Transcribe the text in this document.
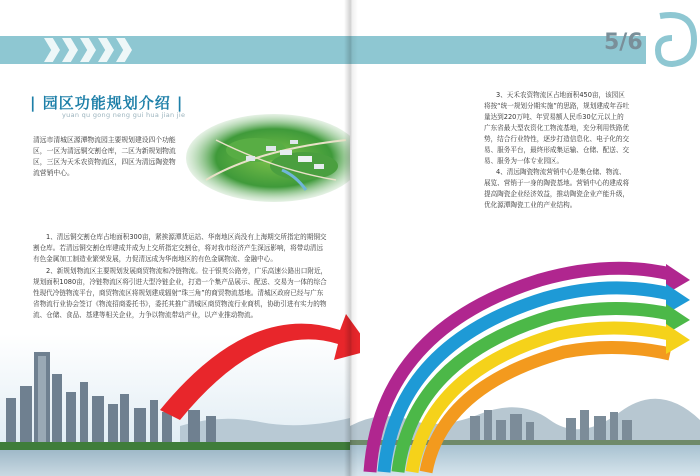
| 园区功能规划介绍 |
yuan qu gong neng gui hua jian jie
清远市清城区源潭物流园主要规划建设四个功能区，一区为清远铜交割仓库，二区为新规划物流区，三区为天禾农资物流区，四区为清远陶瓷物流营销中心。

1、清远铜交割仓库占地面积300亩，紧挨源潭货运站、华南地区尚没有上海期交所指定的期铜交割仓库。若清远铜交割仓库建成并成为上交所指定交割仓，将对我市经济产生深远影响，将带动清远有色金属加工制造业繁荣发展，力促清远成为华南地区的有色金属物流、金融中心。

2、新规划物流区主要规划发展商贸物流和冷链物流。位于银英公路旁，广乐高速公路出口附近，规划面积1080亩，冷链物流区将引进大型冷链企业，打造一个集产品展示、配送、交易为一体的综合性现代冷链物流平台，商贸物流区将规划建成辐射“珠三角”的商贸物流基地。清城区政府已经与广东省物流行业协会签订《物流招商委托书》，委托其推广清城区商贸物流行业商机，协助引进有实力的物流、仓储、食品、基建等相关企业，力争以物流带动产业，以产业推动物流。

5/6

3、天禾农资物流区占地面积450亩，该园区将按“统一规划分期实施”的思路，规划建成年吞吐量达到220万吨、年贸易额人民币30亿元以上的广东省最大型农资化工物流基地，充分利用铁路优势，结合行业特性，逐步打造信息化、电子化的交易、服务平台，最终形成集运输、仓储、配送、交易、服务为一体专业园区。

4、清远陶瓷物流营销中心是集仓储、物流、展览、营销于一身的陶瓷基地。营销中心的建成将提高陶瓷企业经济效益，推动陶瓷企业产能升级，优化源潭陶瓷工业的产业结构。
